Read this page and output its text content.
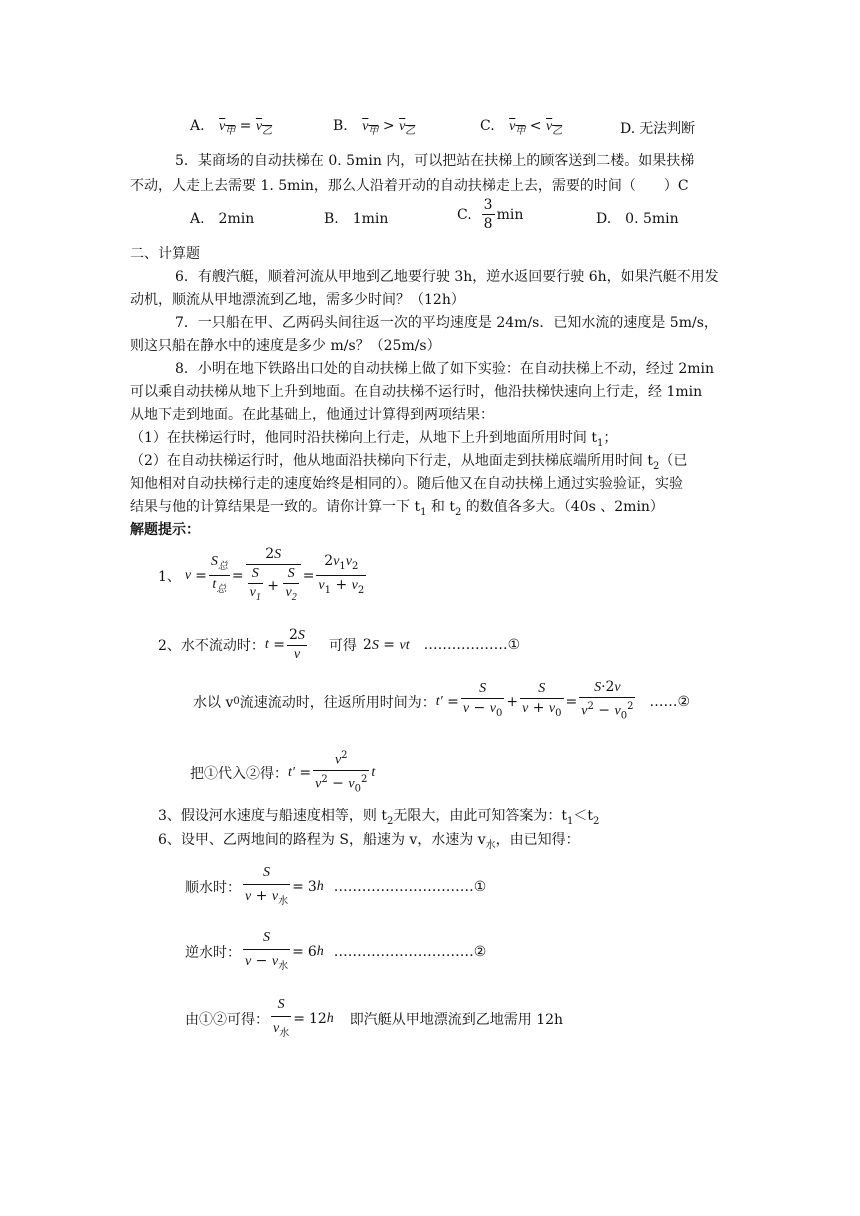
A. $v_甲 = v_乙$	B. $v_甲 > v_乙$	C. $v_甲 < v_乙$	D. 无法判断
5．某商场的自动扶梯在 0. 5min 内，可以把站在扶梯上的顾客送到二楼。如果扶梯
不动，人走上去需要 1. 5min，那么人沿着开动的自动扶梯走上去，需要的时间（　　）C
A.　2min	B.　1min	C. $\frac{3}{8}$ min	D.　0. 5min
二、计算题
6．有艘汽艇，顺着河流从甲地到乙地要行驶 3h，逆水返回要行驶 6h，如果汽艇不用发
动机，顺流从甲地漂流到乙地，需多少时间？（12h）
7．一只船在甲、乙两码头间往返一次的平均速度是 24m/s．已知水流的速度是 5m/s，
则这只船在静水中的速度是多少 m/s？（25m/s）
8．小明在地下铁路出口处的自动扶梯上做了如下实验：在自动扶梯上不动，经过 2min
可以乘自动扶梯从地下上升到地面。在自动扶梯不运行时，他沿扶梯快速向上行走，经 1min
从地下走到地面。在此基础上，他通过计算得到两项结果：
（1）在扶梯运行时，他同时沿扶梯向上行走，从地下上升到地面所用时间 $t_1$；
（2）在自动扶梯运行时，他从地面沿扶梯向下行走，从地面走到扶梯底端所用时间 $t_2$（已
知他相对自动扶梯行走的速度始终是相同的）。随后他又在自动扶梯上通过实验验证，实验
结果与他的计算结果是一致的。请你计算一下 $t_1$ 和 $t_2$ 的数值各多大。（40s 、2min）
解题提示：
1、 $v = \frac{S_总}{t_总} = \frac{2S}{\frac{S}{v_1} + \frac{S}{v_2}} = \frac{2v_1v_2}{v_1 + v_2}$
2、水不流动时： $t = \frac{2S}{v}$ 可得 2S = vt ………………①
水以 v 0 流速流动时，往返所用时间为： $t' = \frac{S}{v - v_0} + \frac{S}{v + v_0} = \frac{S\cdot 2v}{v^2 - v_0^2}$ ……②
把①代入②得： $t' = \frac{v^2}{v^2 - v_0^2}$ t
3、假设河水速度与船速度相等，则 $t_2$无限大，由此可知答案为：$t_1<t_2$
6、设甲、乙两地间的路程为 S，船速为 v，水速为 $v_水$，由已知得：
顺水时： $\frac{S}{v + v_水} = 3$ h …………………………①
逆水时： $\frac{S}{v - v_水} = 6$ h …………………………②
由①②可得： $\frac{S}{v_水} = 12$ h 即汽艇从甲地漂流到乙地需用 12h
